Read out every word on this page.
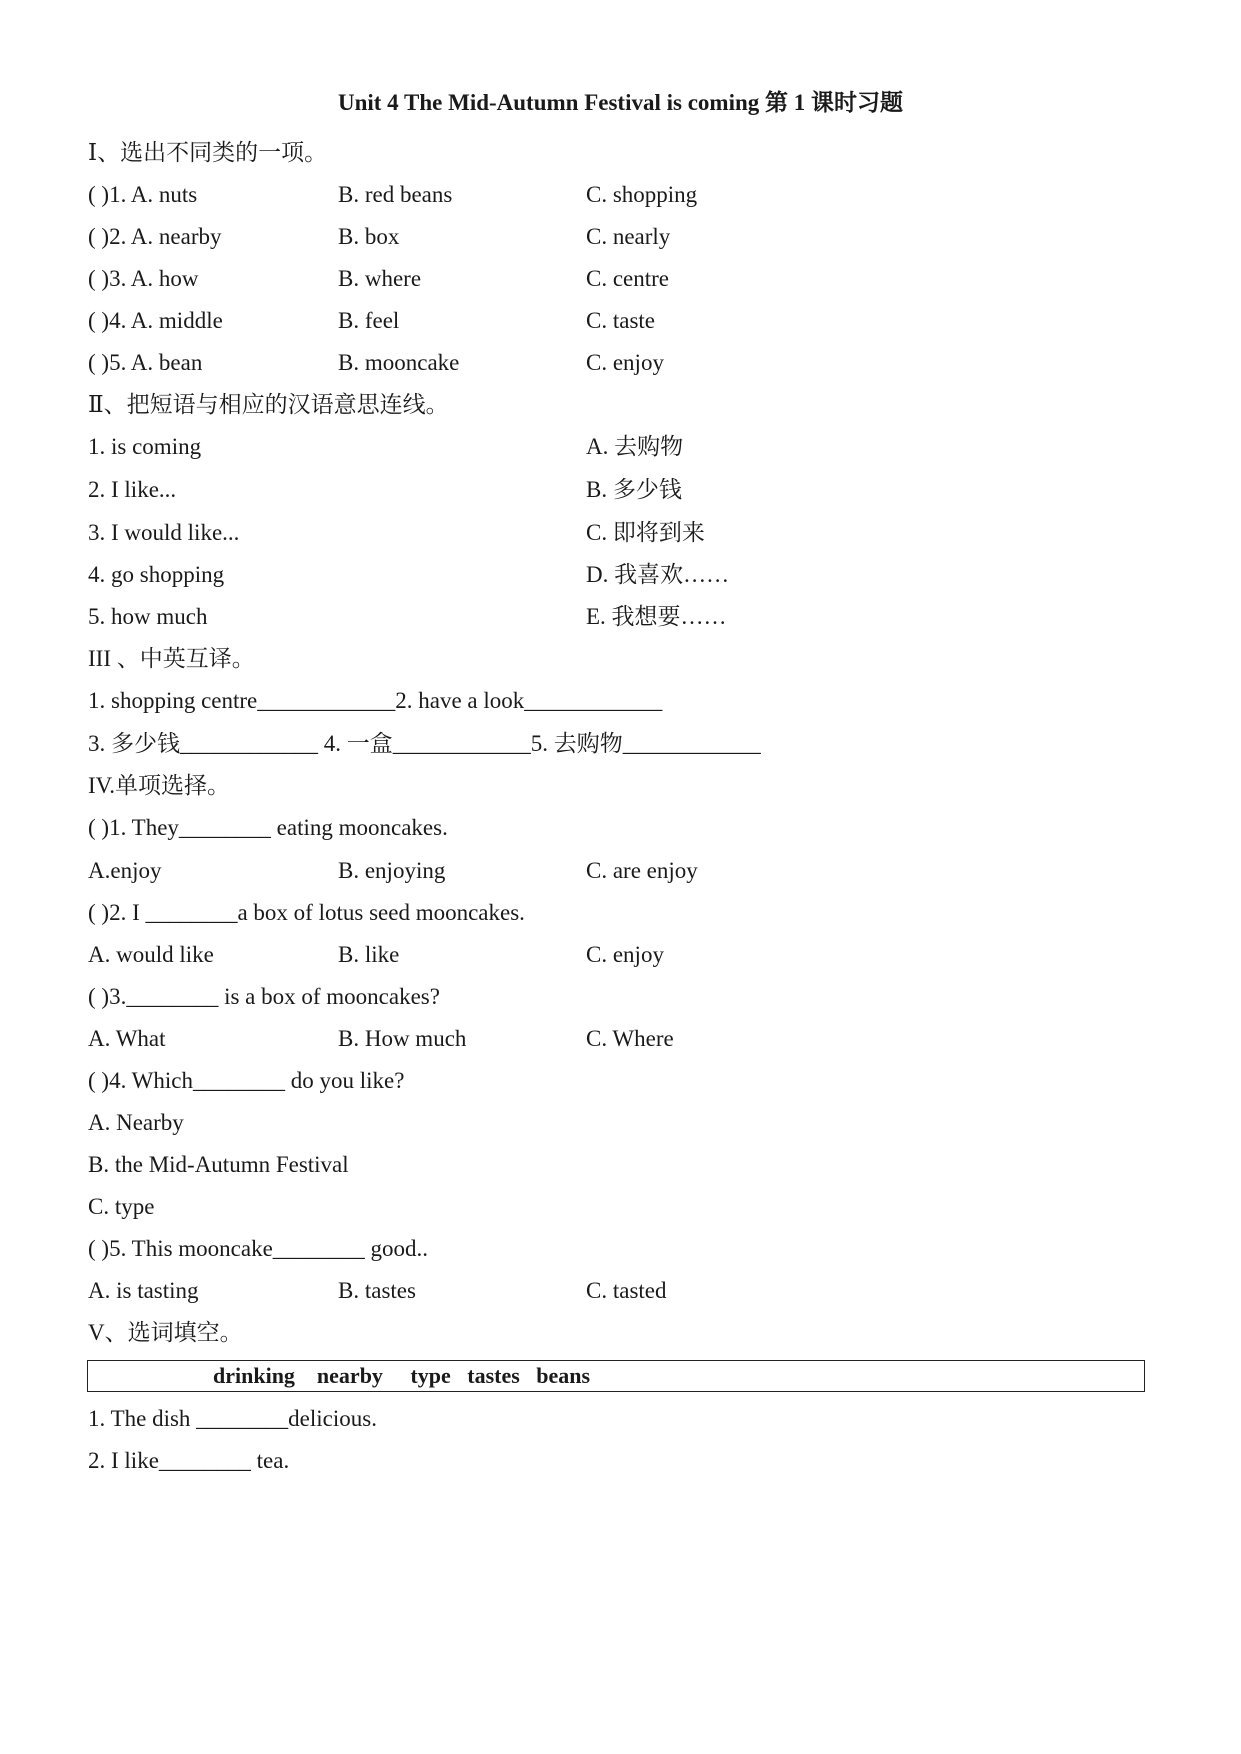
Unit 4 The Mid-Autumn Festival is coming 第 1 课时习题
Ⅰ、选出不同类的一项。
( )1. A. nuts	B. red beans	C. shopping
( )2. A. nearby	B. box	C. nearly
( )3. A. how	B. where	C. centre
( )4. A. middle	B. feel	C. taste
( )5. A. bean	B. mooncake	C. enjoy
Ⅱ、把短语与相应的汉语意思连线。
1. is coming	A. 去购物
2. I like...	B. 多少钱
3. I would like...	C. 即将到来
4. go shopping	D. 我喜欢……
5. how much	E. 我想要……
III 、中英互译。
1. shopping centre____________2. have a look____________
3. 多少钱____________ 4. 一盒____________5. 去购物____________
IV.单项选择。
( )1. They________ eating mooncakes.
A.enjoy	B. enjoying	C. are enjoy
( )2. I ________a box of lotus seed mooncakes.
A. would like	B. like	C. enjoy
( )3.________ is a box of mooncakes?
A. What	B. How much	C. Where
( )4. Which________ do you like?
A. Nearby
B. the Mid-Autumn Festival
C. type
( )5. This mooncake________ good..
A. is tasting	B. tastes	C. tasted
V、选词填空。

drinking    nearby     type   tastes   beans

1. The dish ________delicious.
2. I like________ tea.
